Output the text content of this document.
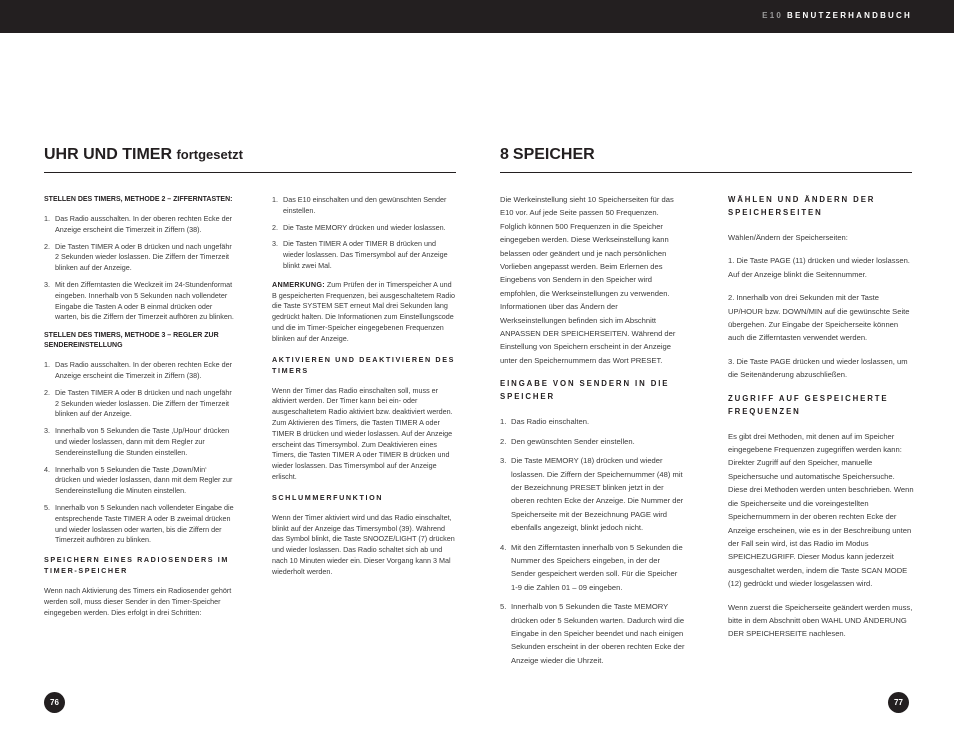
E10 BENUTZERHANDBUCH
UHR UND TIMER fortgesetzt	8 SPEICHER
STELLEN DES TIMERS, METHODE 2 – ZIFFERNTASTEN:
1. Das Radio ausschalten. In der oberen rechten Ecke der Anzeige erscheint die Timerzeit in Ziffern (38).
2. Die Tasten TIMER A oder B drücken und nach ungefähr 2 Sekunden wieder loslassen. Die Ziffern der Timerzeit blinken auf der Anzeige.
3. Mit den Zifferntasten die Weckzeit im 24-Stundenformat eingeben. Innerhalb von 5 Sekunden nach vollendeter Eingabe die Tasten A oder B einmal drücken oder warten, bis die Ziffern der Timerzeit aufhören zu blinken.
STELLEN DES TIMERS, METHODE 3 – REGLER ZUR SENDEREINSTELLUNG
1. Das Radio ausschalten. In der oberen rechten Ecke der Anzeige erscheint die Timerzeit in Ziffern (38).
2. Die Tasten TIMER A oder B drücken und nach ungefähr 2 Sekunden wieder loslassen. Die Ziffern der Timerzeit blinken auf der Anzeige.
3. Innerhalb von 5 Sekunden die Taste ‚Up/Hour‘ drücken und wieder loslassen, dann mit dem Regler zur Sendereinstellung die Stunden einstellen.
4. Innerhalb von 5 Sekunden die Taste ‚Down/Min‘ drücken und wieder loslassen, dann mit dem Regler zur Sendereinstellung die Minuten einstellen.
5. Innerhalb von 5 Sekunden nach vollendeter Eingabe die entsprechende Taste TIMER A oder B zweimal drücken und wieder loslassen oder warten, bis die Ziffern der Timerzeit aufhören zu blinken.
SPEICHERN EINES RADIOSENDERS IM TIMER-SPEICHER

Wenn nach Aktivierung des Timers ein Radiosender gehört werden soll, muss dieser Sender in den Timer-Speicher eingegeben werden. Dies erfolgt in drei Schritten:

1. Das E10 einschalten und den gewünschten Sender einstellen.
2. Die Taste MEMORY drücken und wieder loslassen.
3. Die Tasten TIMER A oder TIMER B drücken und wieder loslassen. Das Timersymbol auf der Anzeige blinkt zwei Mal.

ANMERKUNG: Zum Prüfen der in Timerspeicher A und B gespeicherten Frequenzen, bei ausgeschaltetem Radio die Taste SYSTEM SET erneut Mal drei Sekunden lang gedrückt halten. Die Informationen zum Einstellungscode und die im Timer-Speicher eingegebenen Frequenzen blinken auf der Anzeige.

AKTIVIEREN UND DEAKTIVIEREN DES TIMERS

Wenn der Timer das Radio einschalten soll, muss er aktiviert werden. Der Timer kann bei ein- oder ausgeschaltetem Radio aktiviert bzw. deaktiviert werden. Zum Aktivieren des Timers, die Tasten TIMER A oder TIMER B drücken und wieder loslassen. Auf der Anzeige erscheint das Timersymbol. Zum Deaktivieren eines Timers, die Tasten TIMER A oder TIMER B drücken und wieder loslassen. Das Timersymbol auf der Anzeige erlischt.

SCHLUMMERFUNKTION

Wenn der Timer aktiviert wird und das Radio einschaltet, blinkt auf der Anzeige das Timersymbol (39). Während das Symbol blinkt, die Taste SNOOZE/LIGHT (7) drücken und wieder loslassen. Das Radio schaltet sich ab und nach 10 Minuten wieder ein. Dieser Vorgang kann 3 Mal wiederholt werden.

Die Werkeinstellung sieht 10 Speicherseiten für das E10 vor. Auf jede Seite passen 50 Frequenzen. Folglich können 500 Frequenzen in die Speicher eingegeben werden. Diese Werkseinstellung kann belassen oder geändert und je nach persönlichen Vorlieben angepasst werden. Beim Erlernen des Eingebens von Sendern in den Speicher wird empfohlen, die Werkseinstellungen zu verwenden. Informationen über das Ändern der Werkseinstellungen befinden sich im Abschnitt ANPASSEN DER SPEICHERSEITEN. Während der Einstellung von Speichern erscheint in der Anzeige unter den Speichernummern das Wort PRESET.

EINGABE VON SENDERN IN DIE SPEICHER
1. Das Radio einschalten.
2. Den gewünschten Sender einstellen.
3. Die Taste MEMORY (18) drücken und wieder loslassen. Die Ziffern der Speichernummer (48) mit der Bezeichnung PRESET blinken jetzt in der oberen rechten Ecke der Anzeige. Die Nummer der Speicherseite mit der Bezeichnung PAGE wird ebenfalls angezeigt, blinkt jedoch nicht.
4. Mit den Zifferntasten innerhalb von 5 Sekunden die Nummer des Speichers eingeben, in der der Sender gespeichert werden soll. Für die Speicher 1-9 die Zahlen 01 – 09 eingeben.
5. Innerhalb von 5 Sekunden die Taste MEMORY drücken oder 5 Sekunden warten. Dadurch wird die Eingabe in den Speicher beendet und nach einigen Sekunden erscheint in der oberen rechten Ecke der Anzeige wieder die Uhrzeit.
WÄHLEN UND ÄNDERN DER SPEICHERSEITEN

Wählen/Ändern der Speicherseiten:

1. Die Taste PAGE (11) drücken und wieder loslassen. Auf der Anzeige blinkt die Seitennummer.

2. Innerhalb von drei Sekunden mit der Taste UP/HOUR bzw. DOWN/MIN auf die gewünschte Seite übergehen. Zur Eingabe der Speicherseite können auch die Zifferntasten verwendet werden.

3. Die Taste PAGE drücken und wieder loslassen, um die Seitenänderung abzuschließen.

ZUGRIFF AUF GESPEICHERTE FREQUENZEN

Es gibt drei Methoden, mit denen auf im Speicher eingegebene Frequenzen zugegriffen werden kann: Direkter Zugriff auf den Speicher, manuelle Speichersuche und automatische Speichersuche. Diese drei Methoden werden unten beschrieben. Wenn die Speicherseite und die voreingestellten Speichernummern in der oberen rechten Ecke der Anzeige erscheinen, wie es in der Beschreibung unten der Fall sein wird, ist das Radio im Modus SPEICHEZUGRIFF. Dieser Modus kann jederzeit ausgeschaltet werden, indem die Taste SCAN MODE (12) gedrückt und wieder losgelassen wird.

Wenn zuerst die Speicherseite geändert werden muss, bitte in dem Abschnitt oben WAHL UND ÄNDERUNG DER SPEICHERSEITE nachlesen.

76	77
